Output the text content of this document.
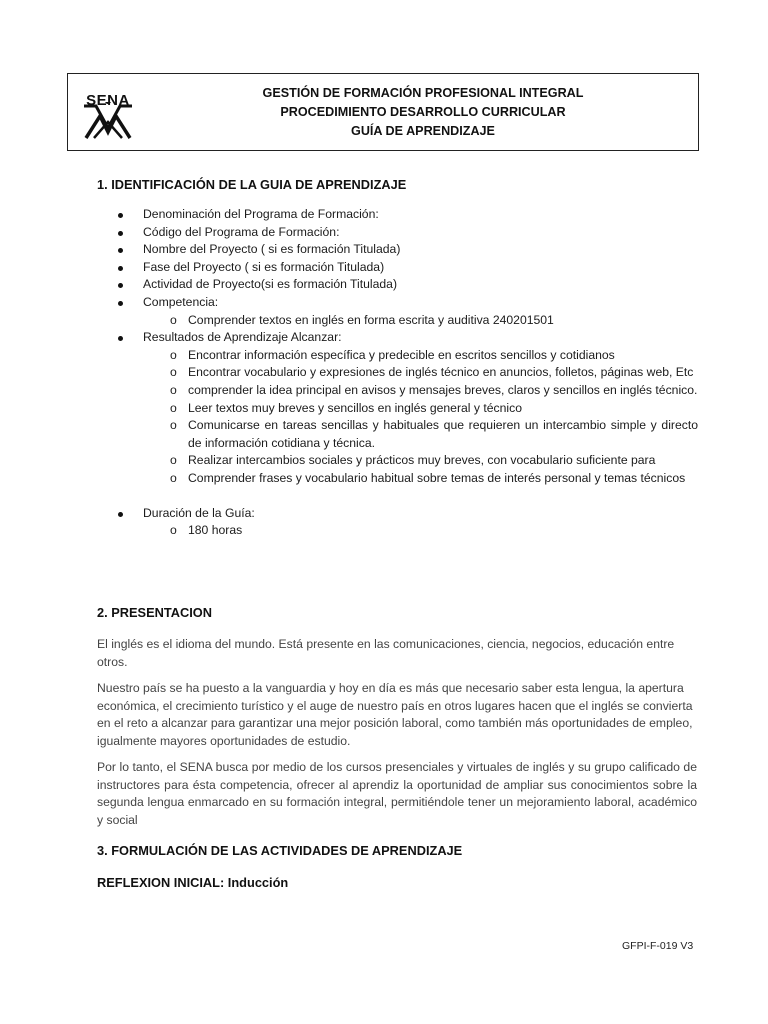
SENA	GESTIÓN DE FORMACIÓN PROFESIONAL INTEGRAL
PROCEDIMIENTO DESARROLLO CURRICULAR
GUÍA DE APRENDIZAJE
1. IDENTIFICACIÓN DE LA GUIA DE APRENDIZAJE
Denominación del Programa de Formación:
Código del Programa de Formación:
Nombre del Proyecto ( si es formación Titulada)
Fase del Proyecto ( si es formación Titulada)
Actividad de Proyecto(si es formación Titulada)
Competencia:
o Comprender textos en inglés en forma escrita y auditiva 240201501
Resultados de Aprendizaje Alcanzar:
o Encontrar información específica y predecible en escritos sencillos y cotidianos
o Encontrar vocabulario y expresiones de inglés técnico en anuncios, folletos, páginas web, Etc
o comprender la idea principal en avisos y mensajes breves, claros y sencillos en inglés técnico.
o Leer textos muy breves y sencillos en inglés general y técnico
o Comunicarse en tareas sencillas y habituales que requieren un intercambio simple y directo de información cotidiana y técnica.
o Realizar intercambios sociales y prácticos muy breves, con vocabulario suficiente para
o Comprender frases y vocabulario habitual sobre temas de interés personal y temas técnicos
Duración de la Guía:
o 180 horas
2. PRESENTACION
El inglés es el idioma del mundo. Está presente en las comunicaciones, ciencia, negocios, educación entre otros.
Nuestro país se ha puesto a la vanguardia y hoy en día es más que necesario saber esta lengua, la apertura económica, el crecimiento turístico y el auge de nuestro país en otros lugares hacen que el inglés se convierta en el reto a alcanzar para garantizar una mejor posición laboral, como también más oportunidades de empleo, igualmente mayores oportunidades de estudio.
Por lo tanto, el SENA busca por medio de los cursos presenciales y virtuales de inglés y su grupo calificado de instructores para ésta competencia, ofrecer al aprendiz la oportunidad de ampliar sus conocimientos sobre la segunda lengua enmarcado en su formación integral, permitiéndole tener un mejoramiento laboral, académico y social
3. FORMULACIÓN DE LAS ACTIVIDADES DE APRENDIZAJE
REFLEXION INICIAL: Inducción
GFPI-F-019 V3
